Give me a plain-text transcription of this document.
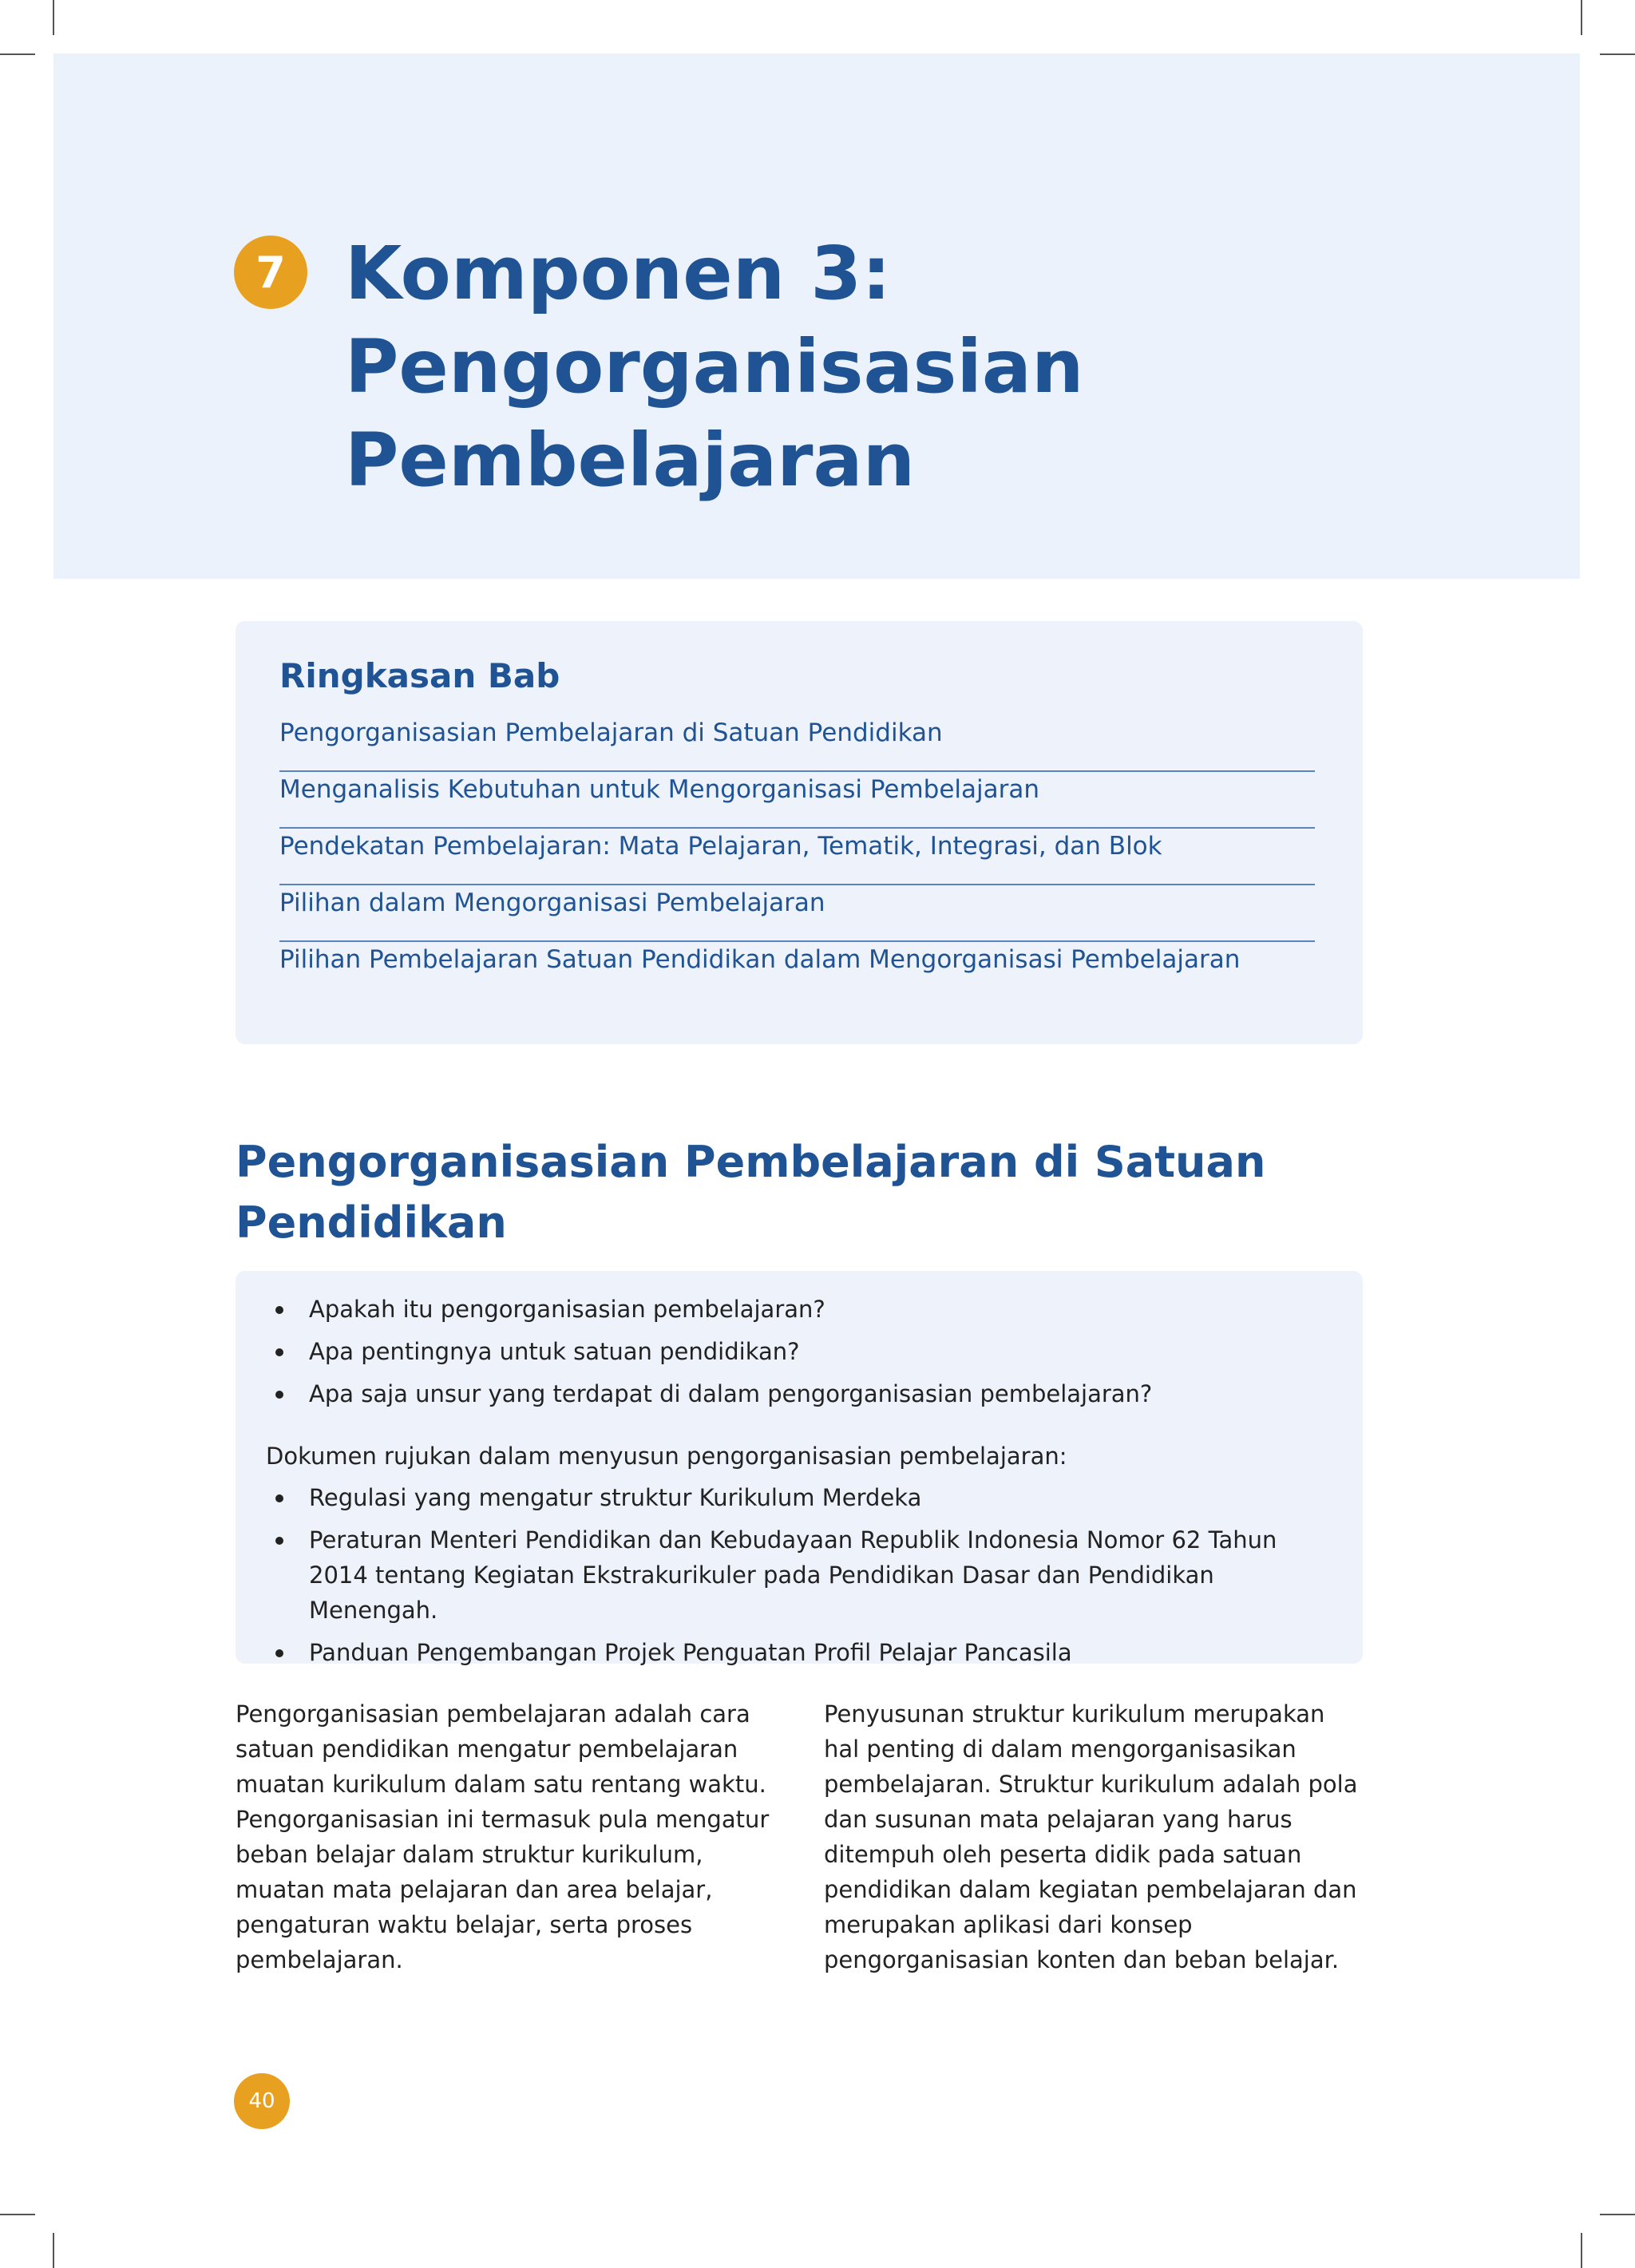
7 Komponen 3:
Pengorganisasian
Pembelajaran
Ringkasan Bab
Pengorganisasian Pembelajaran di Satuan Pendidikan
Menganalisis Kebutuhan untuk Mengorganisasi Pembelajaran
Pendekatan Pembelajaran: Mata Pelajaran, Tematik, Integrasi, dan Blok
Pilihan dalam Mengorganisasi Pembelajaran
Pilihan Pembelajaran Satuan Pendidikan dalam Mengorganisasi Pembelajaran
Pengorganisasian Pembelajaran di Satuan Pendidikan
Apakah itu pengorganisasian pembelajaran?
Apa pentingnya untuk satuan pendidikan?
Apa saja unsur yang terdapat di dalam pengorganisasian pembelajaran?

Dokumen rujukan dalam menyusun pengorganisasian pembelajaran:

Regulasi yang mengatur struktur Kurikulum Merdeka
Peraturan Menteri Pendidikan dan Kebudayaan Republik Indonesia Nomor 62 Tahun 2014 tentang Kegiatan Ekstrakurikuler pada Pendidikan Dasar dan Pendidikan Menengah.
Panduan Pengembangan Projek Penguatan Profil Pelajar Pancasila

Pengorganisasian pembelajaran adalah cara satuan pendidikan mengatur pembelajaran muatan kurikulum dalam satu rentang waktu. Pengorganisasian ini termasuk pula mengatur beban belajar dalam struktur kurikulum, muatan mata pelajaran dan area belajar, pengaturan waktu belajar, serta proses pembelajaran.

Penyusunan struktur kurikulum merupakan hal penting di dalam mengorganisasikan pembelajaran. Struktur kurikulum adalah pola dan susunan mata pelajaran yang harus ditempuh oleh peserta didik pada satuan pendidikan dalam kegiatan pembelajaran dan merupakan aplikasi dari konsep pengorganisasian konten dan beban belajar.

40
